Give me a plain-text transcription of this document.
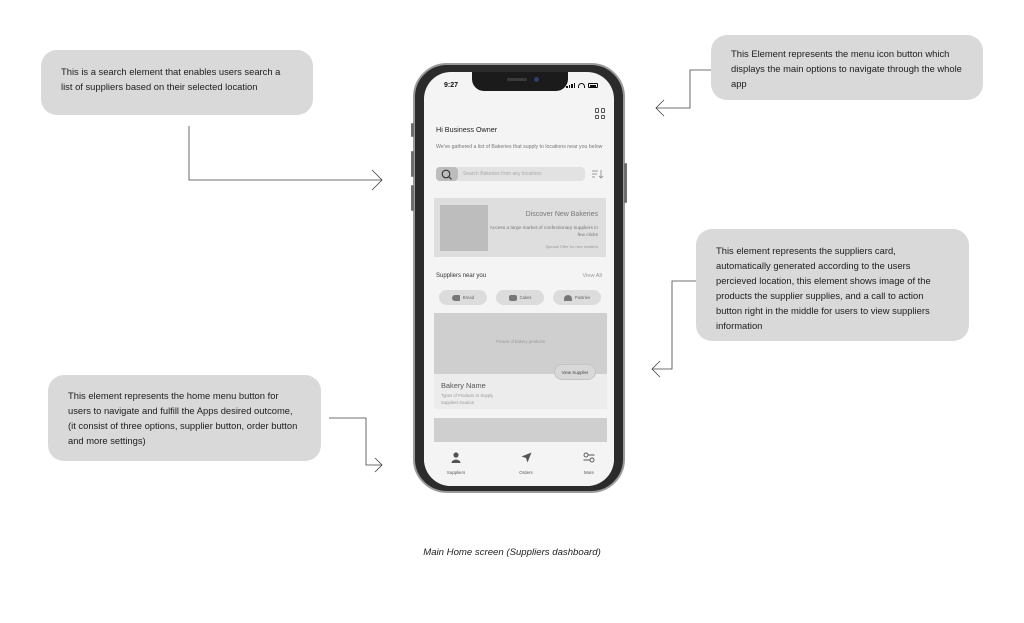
This is a search element that enables users search a list of suppliers based on their selected location
This Element represents the menu icon button which displays the main options to navigate through the whole app
This element represents the suppliers card, automatically generated according to the users percieved location, this element shows image of the products the supplier supplies, and a call to action button right in the middle for users to view suppliers information
This element represents the home menu button for users to navigate and fulfill the Apps desired outcome, (it consist of three options, supplier button, order button and more settings)
9:27
Hi Business Owner
We've gathered a list of Bakeries that supply to locations near you below
Search Bakeries from any locations
Discover New Bakeries
Access a large market of confectionary suppliers in few clicks
Special Offer for new retailers
Suppliers near you	View All
Bread	Cakes	Pastries
Picture of bakery products
View Supplier
Bakery Name
Types of Products to Supply
Suppliers location
Suppliers	Orders	More
Main Home screen (Suppliers dashboard)
